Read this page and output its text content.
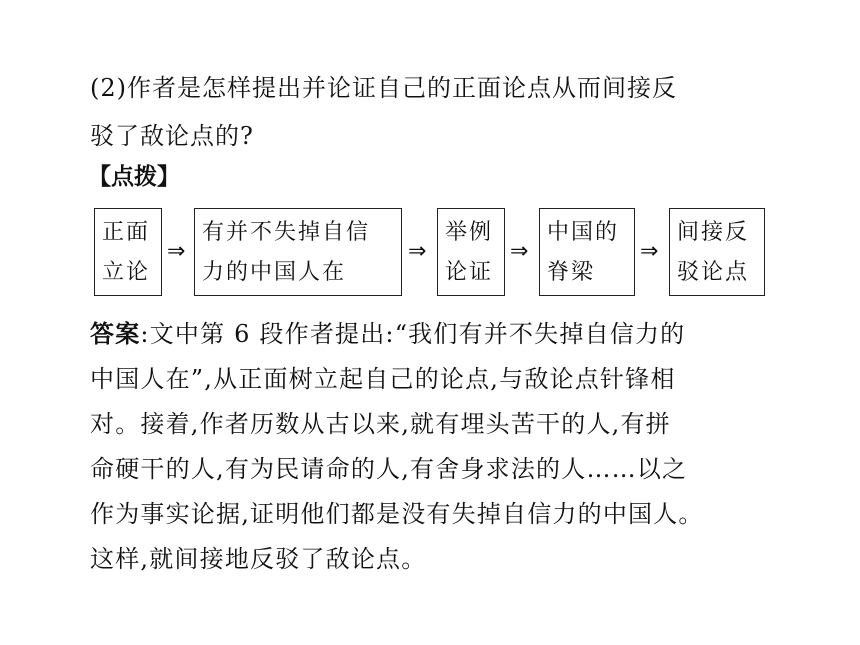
(2)作者是怎样提出并论证自己的正面论点从而间接反
驳了敌论点的?
【点拨】
正面
立论
⇒
有并不失掉自信
力的中国人在
⇒
举例
论证
⇒
中国的
脊梁
⇒
间接反
驳论点
答案:文中第 6 段作者提出:“我们有并不失掉自信力的
中国人在”,从正面树立起自己的论点,与敌论点针锋相
对。接着,作者历数从古以来,就有埋头苦干的人,有拼
命硬干的人,有为民请命的人,有舍身求法的人……以之
作为事实论据,证明他们都是没有失掉自信力的中国人。
这样,就间接地反驳了敌论点。
